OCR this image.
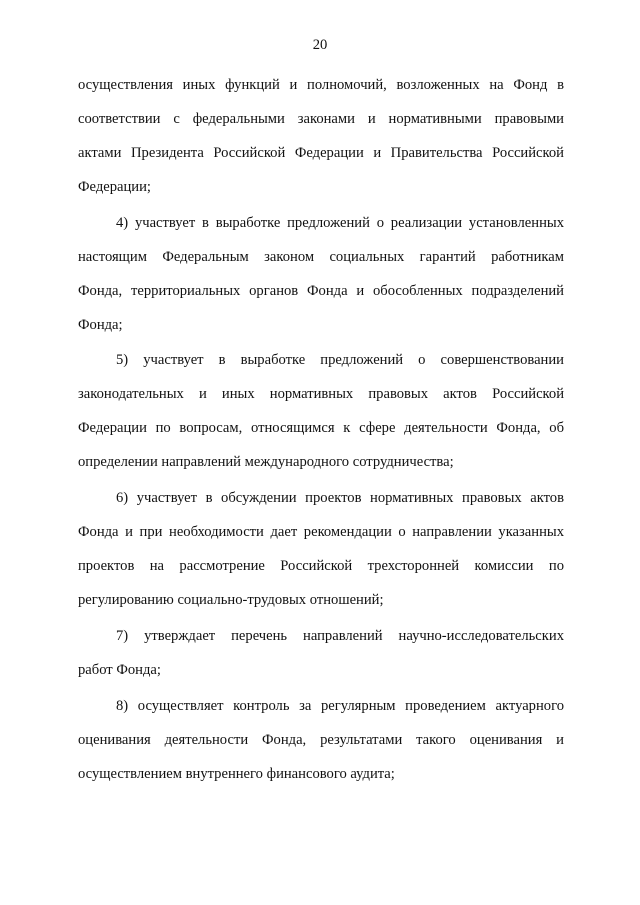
20
осуществления иных функций и полномочий, возложенных на Фонд в
соответствии с федеральными законами и нормативными правовыми
актами Президента Российской Федерации и Правительства Российской
Федерации;
4) участвует в выработке предложений о реализации установленных
настоящим Федеральным законом социальных гарантий работникам
Фонда, территориальных органов Фонда и обособленных подразделений
Фонда;
5) участвует в выработке предложений о совершенствовании
законодательных и иных нормативных правовых актов Российской
Федерации по вопросам, относящимся к сфере деятельности Фонда, об
определении направлений международного сотрудничества;
6) участвует в обсуждении проектов нормативных правовых актов
Фонда и при необходимости дает рекомендации о направлении указанных
проектов на рассмотрение Российской трехсторонней комиссии по
регулированию социально-трудовых отношений;
7) утверждает перечень направлений научно-исследовательских
работ Фонда;
8) осуществляет контроль за регулярным проведением актуарного
оценивания деятельности Фонда, результатами такого оценивания и
осуществлением внутреннего финансового аудита;
